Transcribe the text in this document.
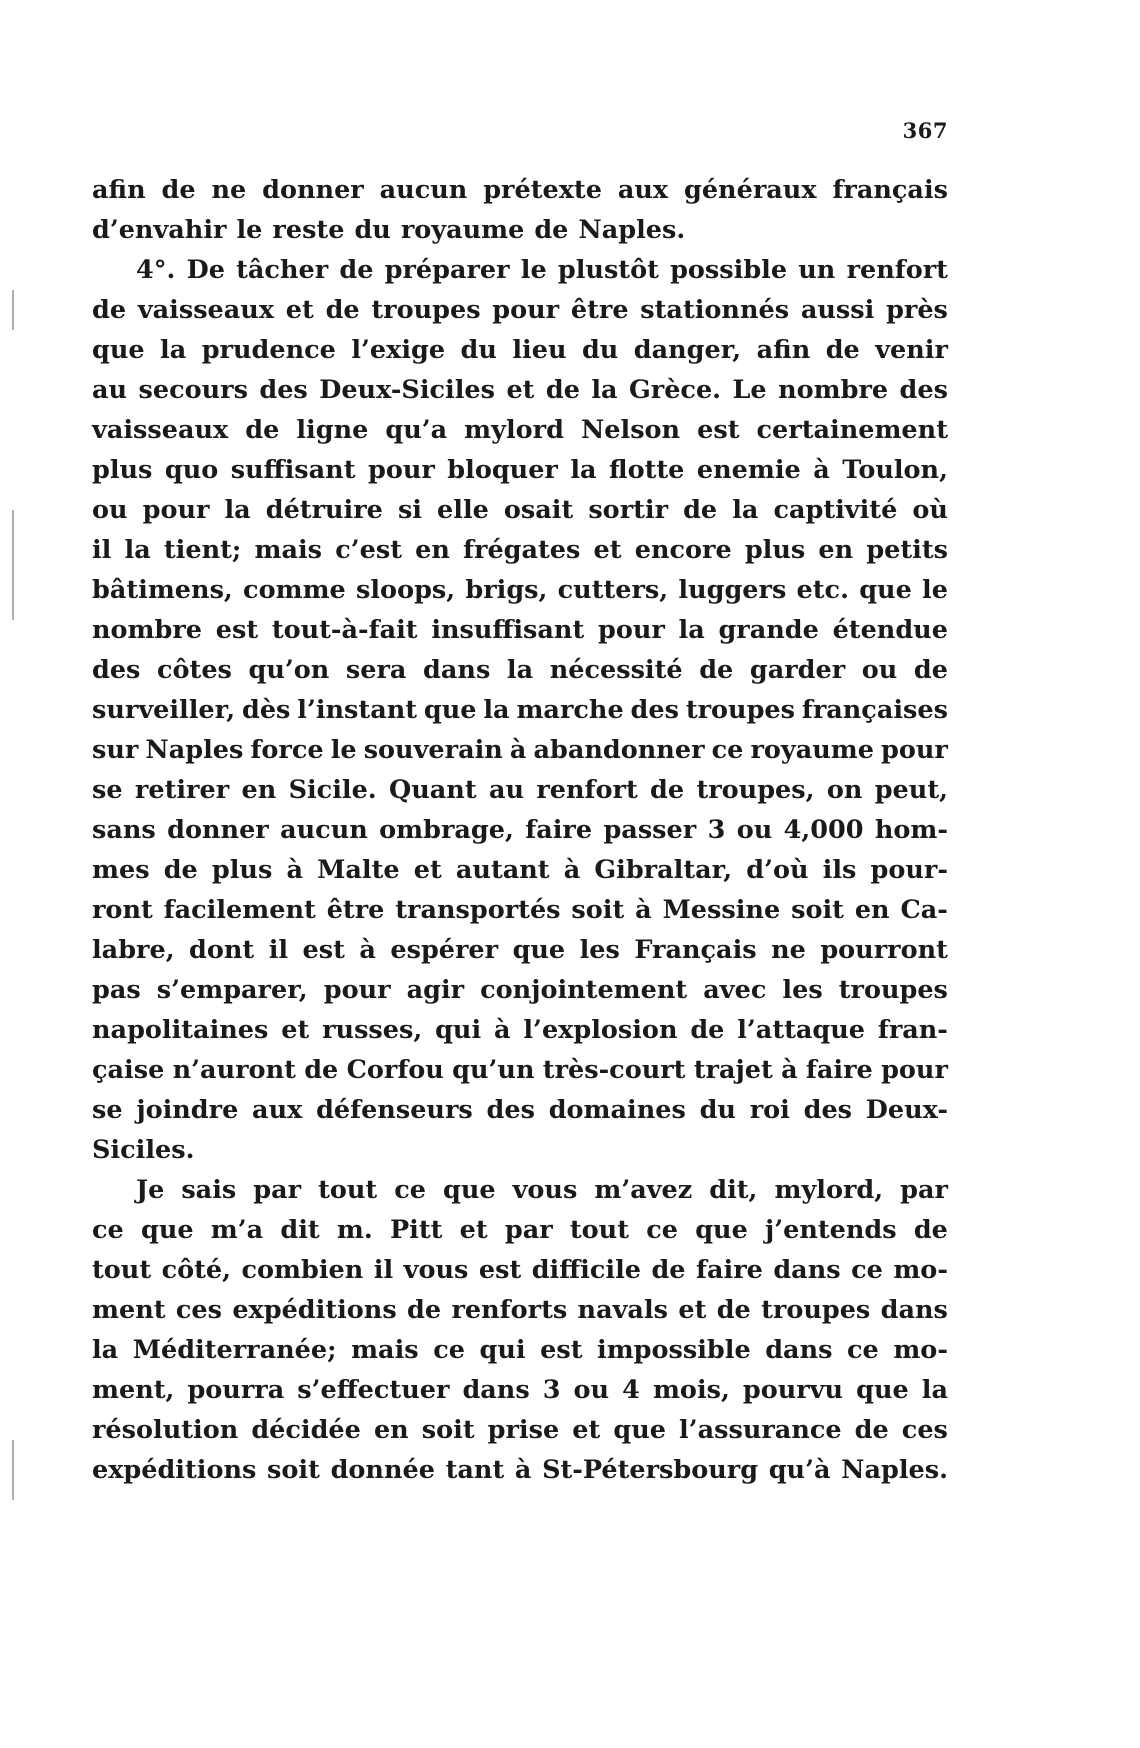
367
afin de ne donner aucun prétexte aux généraux français
d’envahir le reste du royaume de Naples.
4°. De tâcher de préparer le plustôt possible un renfort
de vaisseaux et de troupes pour être stationnés aussi près
que la prudence l’exige du lieu du danger, afin de venir
au secours des Deux-Siciles et de la Grèce. Le nombre des
vaisseaux de ligne qu’a mylord Nelson est certainement
plus quo suffisant pour bloquer la flotte enemie à Toulon,
ou pour la détruire si elle osait sortir de la captivité où
il la tient; mais c’est en frégates et encore plus en petits
bâtimens, comme sloops, brigs, cutters, luggers etc. que le
nombre est tout-à-fait insuffisant pour la grande étendue
des côtes qu’on sera dans la nécessité de garder ou de
surveiller, dès l’instant que la marche des troupes françaises
sur Naples force le souverain à abandonner ce royaume pour
se retirer en Sicile. Quant au renfort de troupes, on peut,
sans donner aucun ombrage, faire passer 3 ou 4,000 hom-
mes de plus à Malte et autant à Gibraltar, d’où ils pour-
ront facilement être transportés soit à Messine soit en Ca-
labre, dont il est à espérer que les Français ne pourront
pas s’emparer, pour agir conjointement avec les troupes
napolitaines et russes, qui à l’explosion de l’attaque fran-
çaise n’auront de Corfou qu’un très-court trajet à faire pour
se joindre aux défenseurs des domaines du roi des Deux-
Siciles.
Je sais par tout ce que vous m’avez dit, mylord, par
ce que m’a dit m. Pitt et par tout ce que j’entends de
tout côté, combien il vous est difficile de faire dans ce mo-
ment ces expéditions de renforts navals et de troupes dans
la Méditerranée; mais ce qui est impossible dans ce mo-
ment, pourra s’effectuer dans 3 ou 4 mois, pourvu que la
résolution décidée en soit prise et que l’assurance de ces
expéditions soit donnée tant à St-Pétersbourg qu’à Naples.
